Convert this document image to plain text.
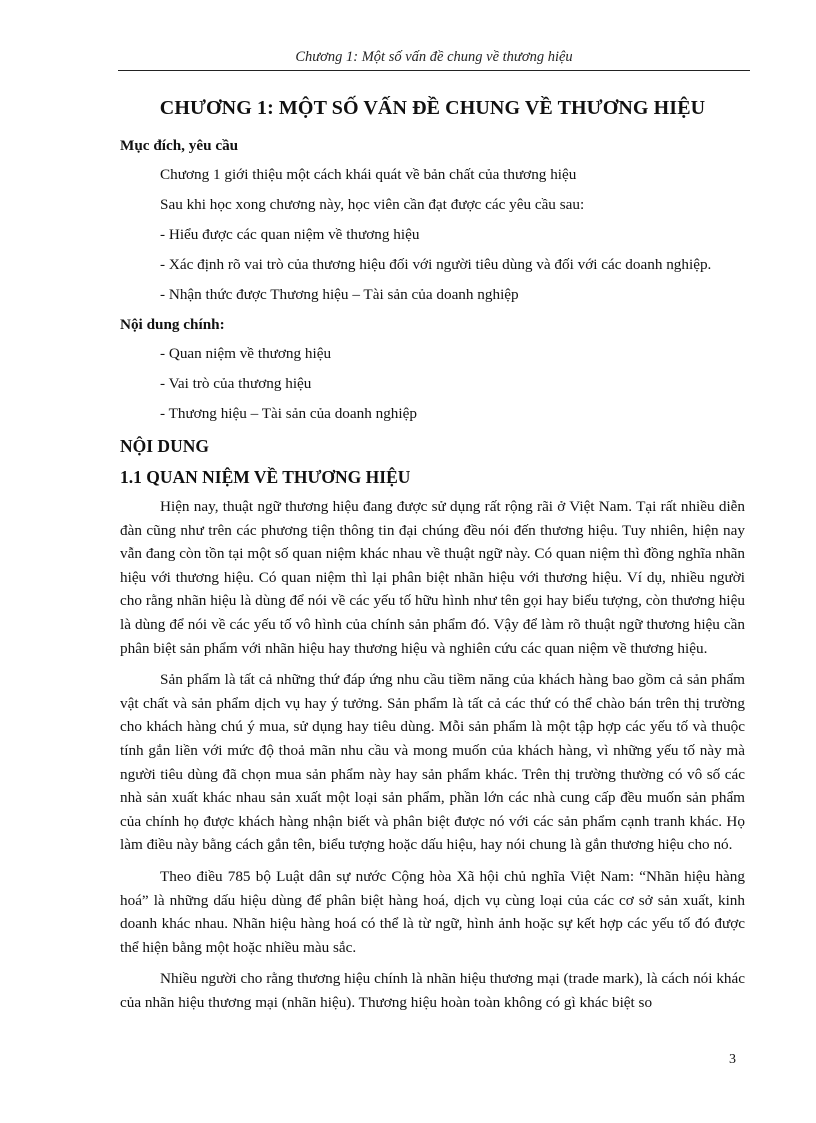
Chương 1: Một số vấn đề chung về thương hiệu
CHƯƠNG 1: MỘT SỐ VẤN ĐỀ CHUNG VỀ THƯƠNG HIỆU
Mục đích, yêu cầu
Chương 1 giới thiệu một cách khái quát về bản chất của thương hiệu
Sau khi học xong chương này, học viên cần đạt được các yêu cầu sau:
- Hiểu được các quan niệm về thương hiệu
- Xác định rõ vai trò của thương hiệu đối với người tiêu dùng và đối với các doanh nghiệp.
- Nhận thức được Thương hiệu – Tài sản của doanh nghiệp
Nội dung chính:
- Quan niệm về thương hiệu
- Vai trò của thương hiệu
- Thương hiệu – Tài sản của doanh nghiệp
NỘI DUNG
1.1 QUAN NIỆM VỀ THƯƠNG HIỆU

Hiện nay, thuật ngữ thương hiệu đang được sử dụng rất rộng rãi ở Việt Nam. Tại rất nhiều diễn đàn cũng như trên các phương tiện thông tin đại chúng đều nói đến thương hiệu. Tuy nhiên, hiện nay vẫn đang còn tồn tại một số quan niệm khác nhau về thuật ngữ này. Có quan niệm thì đồng nghĩa nhãn hiệu với thương hiệu. Có quan niệm thì lại phân biệt nhãn hiệu với thương hiệu. Ví dụ, nhiều người cho rằng nhãn hiệu là dùng để nói về các yếu tố hữu hình như tên gọi hay biểu tượng, còn thương hiệu là dùng để nói về các yếu tố vô hình của chính sản phẩm đó. Vậy để làm rõ thuật ngữ thương hiệu cần phân biệt sản phẩm với nhãn hiệu hay thương hiệu và nghiên cứu các quan niệm về thương hiệu.

Sản phẩm là tất cả những thứ đáp ứng nhu cầu tiềm năng của khách hàng bao gồm cả sản phẩm vật chất và sản phẩm dịch vụ hay ý tưởng. Sản phẩm là tất cả các thứ có thể chào bán trên thị trường cho khách hàng chú ý mua, sử dụng hay tiêu dùng. Mỗi sản phẩm là một tập hợp các yếu tố và thuộc tính gắn liền với mức độ thoả mãn nhu cầu và mong muốn của khách hàng, vì những yếu tố này mà người tiêu dùng đã chọn mua sản phẩm này hay sản phẩm khác. Trên thị trường thường có vô số các nhà sản xuất khác nhau sản xuất một loại sản phẩm, phần lớn các nhà cung cấp đều muốn sản phẩm của chính họ được khách hàng nhận biết và phân biệt được nó với các sản phẩm cạnh tranh khác. Họ làm điều này bằng cách gắn tên, biểu tượng hoặc dấu hiệu, hay nói chung là gắn thương hiệu cho nó.

Theo điều 785 bộ Luật dân sự nước Cộng hòa Xã hội chủ nghĩa Việt Nam: “Nhãn hiệu hàng hoá” là những dấu hiệu dùng để phân biệt hàng hoá, dịch vụ cùng loại của các cơ sở sản xuất, kinh doanh khác nhau. Nhãn hiệu hàng hoá có thể là từ ngữ, hình ảnh hoặc sự kết hợp các yếu tố đó được thể hiện bằng một hoặc nhiều màu sắc.

Nhiều người cho rằng thương hiệu chính là nhãn hiệu thương mại (trade mark), là cách nói khác của nhãn hiệu thương mại (nhãn hiệu). Thương hiệu hoàn toàn không có gì khác biệt so

3
